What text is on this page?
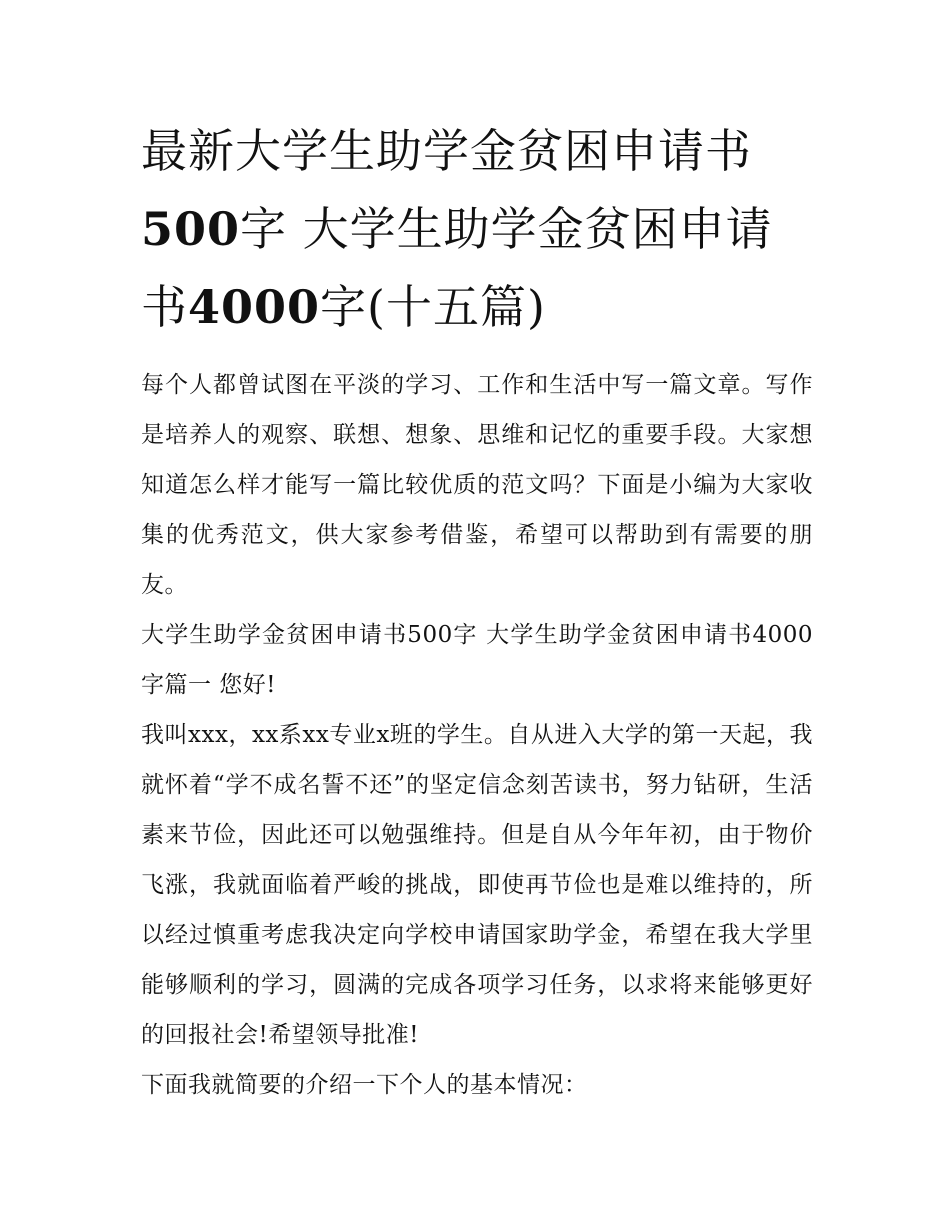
最新大学生助学金贫困申请书500字 大学生助学金贫困申请书4000字(十五篇)

每个人都曾试图在平淡的学习、工作和生活中写一篇文章。写作是培养人的观察、联想、想象、思维和记忆的重要手段。大家想知道怎么样才能写一篇比较优质的范文吗？下面是小编为大家收集的优秀范文，供大家参考借鉴，希望可以帮助到有需要的朋友。

大学生助学金贫困申请书500字 大学生助学金贫困申请书4000字篇一 您好!

我叫xxx，xx系xx专业x班的学生。自从进入大学的第一天起，我就怀着“学不成名誓不还”的坚定信念刻苦读书，努力钻研，生活素来节俭，因此还可以勉强维持。但是自从今年年初，由于物价飞涨，我就面临着严峻的挑战，即使再节俭也是难以维持的，所以经过慎重考虑我决定向学校申请国家助学金，希望在我大学里能够顺利的学习，圆满的完成各项学习任务，以求将来能够更好的回报社会!希望领导批准!

下面我就简要的介绍一下个人的基本情况：
